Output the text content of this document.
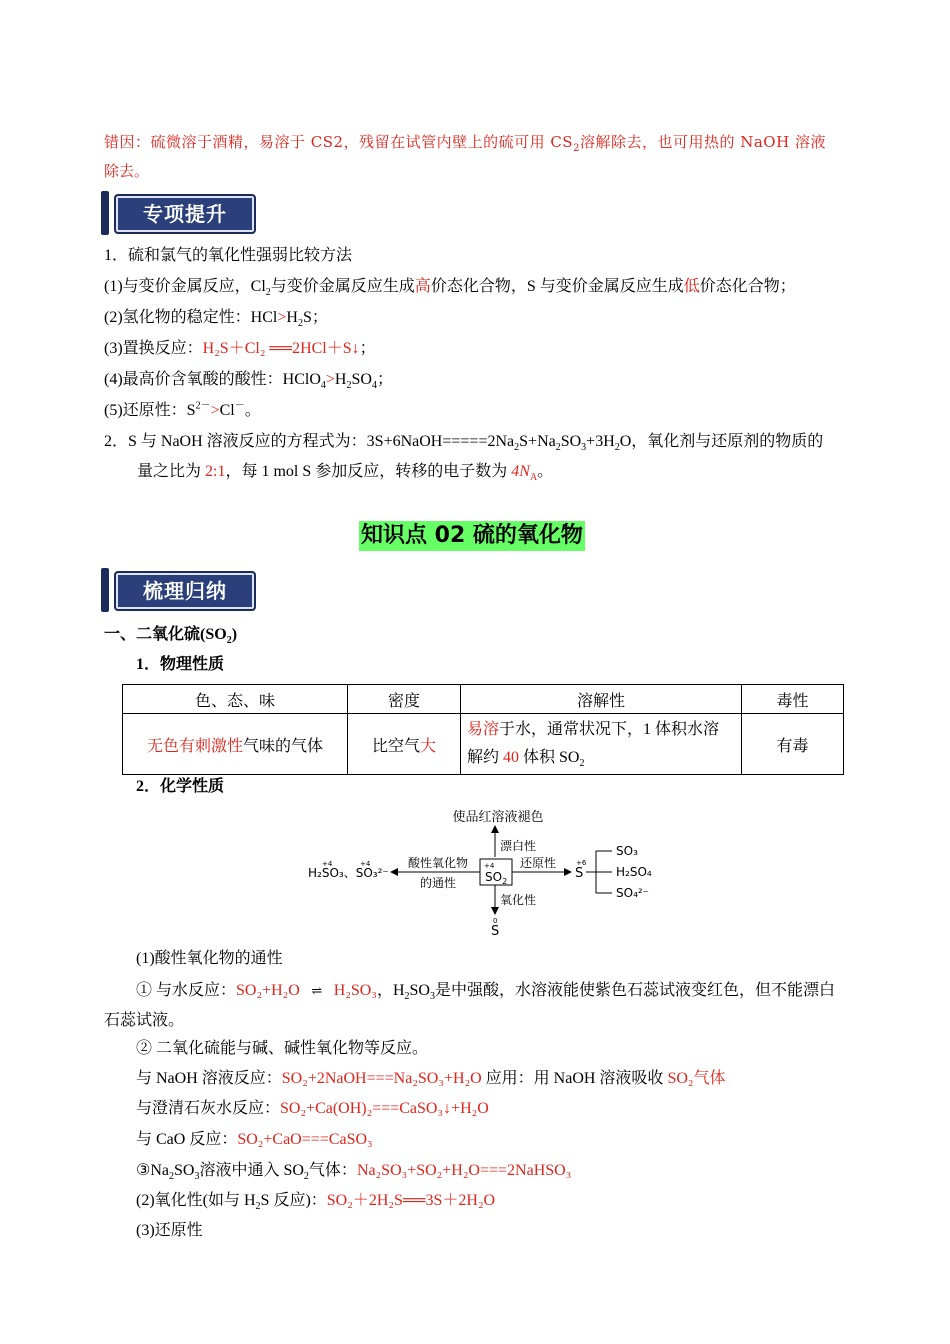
错因：硫微溶于酒精，易溶于 CS2，残留在试管内壁上的硫可用 $CS_2$溶解除去，也可用热的 NaOH 溶液
除去。
专项提升
1．硫和氯气的氧化性强弱比较方法
(1)与变价金属反应，$Cl_2$与变价金属反应生成高价态化合物，S 与变价金属反应生成低价态化合物；
(2)氢化物的稳定性：$HCl>H_2S$；
(3)置换反应：H₂S＋Cl₂ ══2HCl＋S↓；
(4)最高价含氧酸的酸性：$HClO_4>H_2SO_4$；
(5)还原性：$S^{2-}>Cl^-$。
2．S 与 NaOH 溶液反应的方程式为：$3S+6NaOH=====2Na_2S+Na_2SO_3+3H_2O$，氧化剂与还原剂的物质的
量之比为 2:1，每 1 mol S 参加反应，转移的电子数为 $4N_A$。
知识点 02 硫的氧化物
梳理归纳
一、二氧化硫$(SO_2)$
1．物理性质
色、态、味	密度	溶解性	毒性
无色有刺激性气味的气体	比空气大	易溶于水，通常状况下，1 体积水溶
解约 40 体积 $SO_2$	有毒
2．化学性质
使品红溶液褪色
漂白性
+4
$SO_2$
酸性氧化物
的通性
+4	+4
H₂SO₃、SO₃²⁻
还原性	+6
S
SO₃
H₂SO₄
SO₄²⁻
氧化性
0
S
(1)酸性氧化物的通性
① 与水反应：SO₂+H₂O ⇌ H₂SO₃，$H_2SO_3$是中强酸，水溶液能使紫色石蕊试液变红色，但不能漂白
石蕊试液。
② 二氧化硫能与碱、碱性氧化物等反应。
与 NaOH 溶液反应：SO₂+2NaOH===Na₂SO₃+H₂O 应用：用 NaOH 溶液吸收 SO₂气体
与澄清石灰水反应：SO₂+Ca(OH)₂===CaSO₃↓+H₂O
与 CaO 反应：SO₂+CaO===CaSO₃
$③Na_2SO_3$溶液中通入 $SO_2$气体：Na₂SO₃+SO₂+H₂O===2NaHSO₃
(2)氧化性(如与 $H_2S$ 反应)：SO₂＋2H₂S══3S＋2H₂O
(3)还原性
